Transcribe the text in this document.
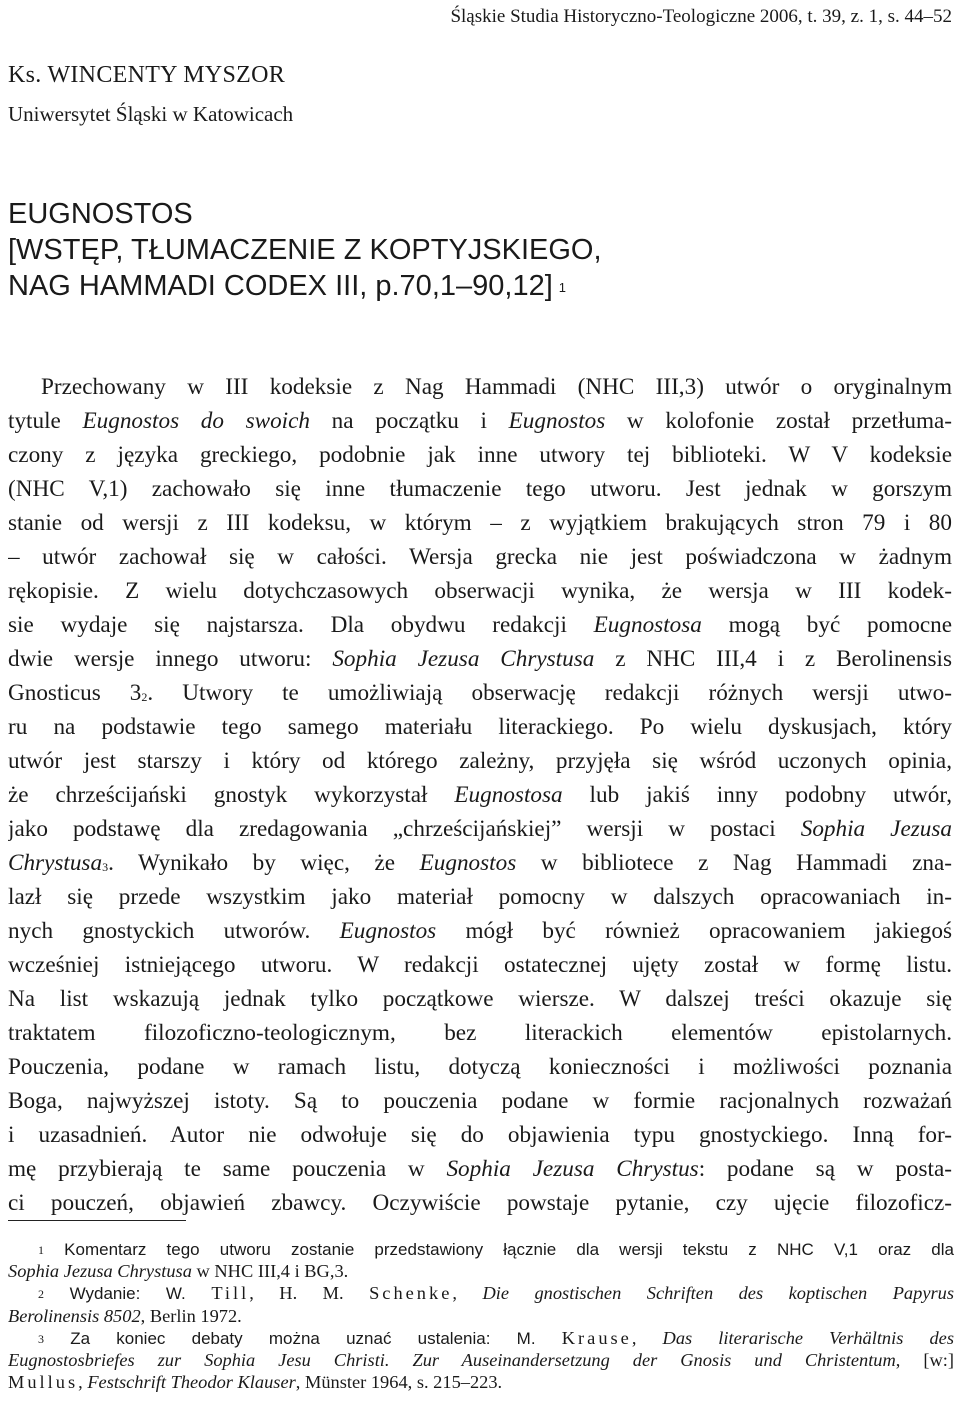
Śląskie Studia Historyczno-Teologiczne 2006, t. 39, z. 1, s. 44–52
Ks. WINCENTY MYSZOR
Uniwersytet Śląski w Katowicach
EUGNOSTOS
[WSTĘP, TŁUMACZENIE Z KOPTYJSKIEGO,
NAG HAMMADI CODEX III, p.70,1–90,12] $^1$
Przechowany w III kodeksie z Nag Hammadi (NHC III,3) utwór o oryginalnym
tytule Eugnostos do swoich na początku i Eugnostos w kolofonie został przetłuma-
czony z języka greckiego, podobnie jak inne utwory tej biblioteki. W V kodeksie
(NHC V,1) zachowało się inne tłumaczenie tego utworu. Jest jednak w gorszym
stanie od wersji z III kodeksu, w którym – z wyjątkiem brakujących stron 79 i 80
– utwór zachował się w całości. Wersja grecka nie jest poświadczona w żadnym
rękopisie. Z wielu dotychczasowych obserwacji wynika, że wersja w III kodek-
sie wydaje się najstarsza. Dla obydwu redakcji Eugnostosa mogą być pomocne
dwie wersje innego utworu: Sophia Jezusa Chrystusa z NHC III,4 i z Berolinensis
Gnosticus $3^2$. Utwory te umożliwiają obserwację redakcji różnych wersji utwo-
ru na podstawie tego samego materiału literackiego. Po wielu dyskusjach, który
utwór jest starszy i który od którego zależny, przyjęła się wśród uczonych opinia,
że chrześcijański gnostyk wykorzystał Eugnostosa lub jakiś inny podobny utwór,
jako podstawę dla zredagowania „chrześcijańskiej” wersji w postaci Sophia Jezusa
Chrystusa$^3$. Wynikało by więc, że Eugnostos w bibliotece z Nag Hammadi zna-
lazł się przede wszystkim jako materiał pomocny w dalszych opracowaniach in-
nych gnostyckich utworów. Eugnostos mógł być również opracowaniem jakiegoś
wcześniej istniejącego utworu. W redakcji ostatecznej ujęty został w formę listu.
Na list wskazują jednak tylko początkowe wiersze. W dalszej treści okazuje się
traktatem filozoficzno-teologicznym, bez literackich elementów epistolarnych.
Pouczenia, podane w ramach listu, dotyczą konieczności i możliwości poznania
Boga, najwyższej istoty. Są to pouczenia podane w formie racjonalnych rozważań
i uzasadnień. Autor nie odwołuje się do objawienia typu gnostyckiego. Inną for-
mę przybierają te same pouczenia w Sophia Jezusa Chrystus: podane są w posta-
ci pouczeń, objawień zbawcy. Oczywiście powstaje pytanie, czy ujęcie filozoficz-
$^1$ Komentarz tego utworu zostanie przedstawiony łącznie dla wersji tekstu z NHC V,1 oraz dla
Sophia Jezusa Chrystusa w NHC III,4 i BG,3.
$^2$ Wydanie: W. Till, H. M. Schenke, Die gnostischen Schriften des koptischen Papyrus
Berolinensis 8502, Berlin 1972.
$^3$ Za koniec debaty można uznać ustalenia: M. Krause, Das literarische Verhältnis des
Eugnostosbriefes zur Sophia Jesu Christi. Zur Auseinandersetzung der Gnosis und Christentum, [w:]
Mullus, Festschrift Theodor Klauser, Münster 1964, s. 215–223.
